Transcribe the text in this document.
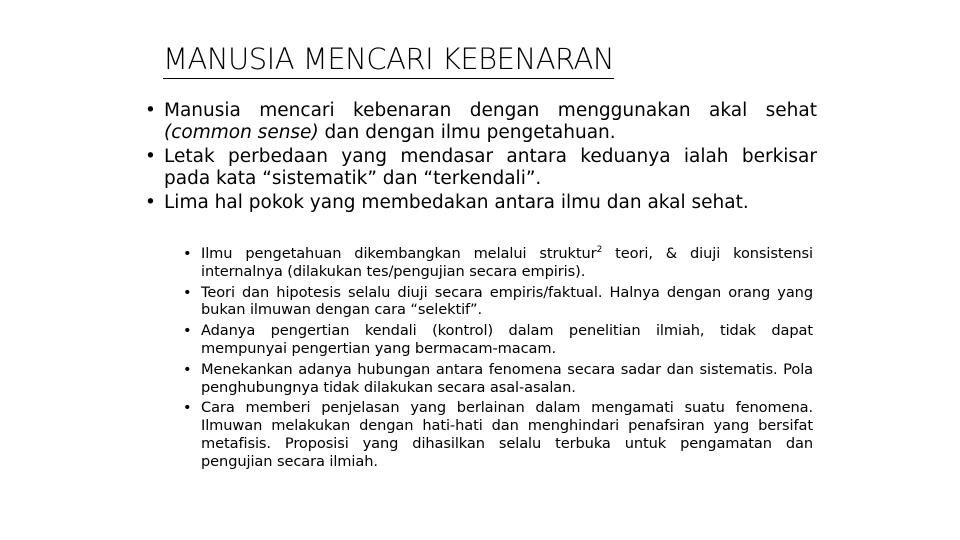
MANUSIA MENCARI KEBENARAN
• Manusia mencari kebenaran dengan menggunakan akal sehat (common sense) dan dengan ilmu pengetahuan.
• Letak perbedaan yang mendasar antara keduanya ialah berkisar pada kata “sistematik” dan “terkendali”.
• Lima hal pokok yang membedakan antara ilmu dan akal sehat.
• Ilmu pengetahuan dikembangkan melalui struktur$^2$ teori, & diuji konsistensi internalnya (dilakukan tes/pengujian secara empiris).
• Teori dan hipotesis selalu diuji secara empiris/faktual. Halnya dengan orang yang bukan ilmuwan dengan cara “selektif”.
• Adanya pengertian kendali (kontrol) dalam penelitian ilmiah, tidak dapat mempunyai pengertian yang bermacam-macam.
• Menekankan adanya hubungan antara fenomena secara sadar dan sistematis. Pola penghubungnya tidak dilakukan secara asal-asalan.
• Cara memberi penjelasan yang berlainan dalam mengamati suatu fenomena. Ilmuwan melakukan dengan hati-hati dan menghindari penafsiran yang bersifat metafisis. Proposisi yang dihasilkan selalu terbuka untuk pengamatan dan pengujian secara ilmiah.
